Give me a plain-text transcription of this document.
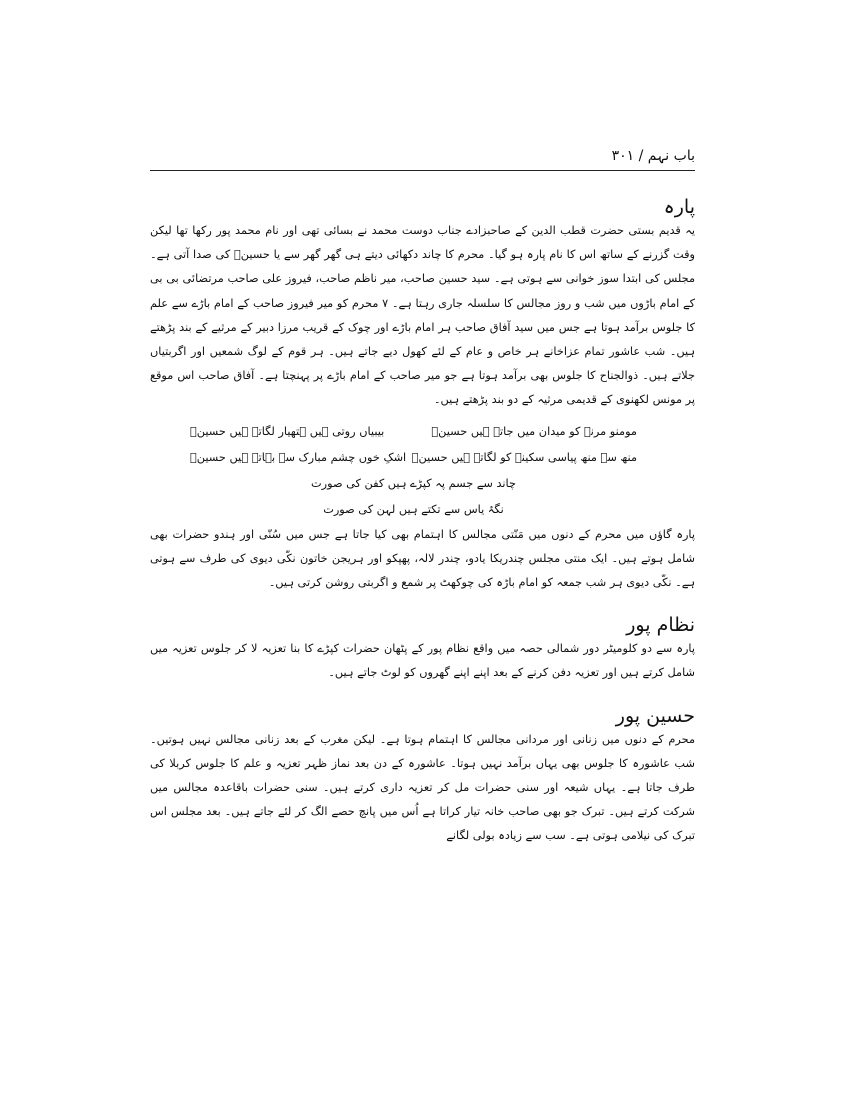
باب نہم / ۳۰۱
پارہ

یہ قدیم بستی حضرت قطب الدین کے صاحبزادے جناب دوست محمد نے بسائی تھی اور نام محمد پور رکھا تھا لیکن وقت گزرنے کے ساتھ اس کا نام پارہ ہو گیا۔ محرم کا چاند دکھائی دیتے ہی گھر گھر سے یا حسینؑ کی صدا آتی ہے۔ مجلس کی ابتدا سوز خوانی سے ہوتی ہے۔ سید حسین صاحب، میر ناظم صاحب، فیروز علی صاحب مرتضائی بی بی کے امام باڑوں میں شب و روز مجالس کا سلسلہ جاری رہتا ہے۔ ۷ محرم کو میر فیروز صاحب کے امام باڑے سے علم کا جلوس برآمد ہوتا ہے جس میں سید آفاق صاحب ہر امام باڑے اور چوک کے قریب مرزا دبیر کے مرثیے کے بند پڑھتے ہیں۔ شب عاشور تمام عزاخانے ہر خاص و عام کے لئے کھول دیے جاتے ہیں۔ ہر قوم کے لوگ شمعیں اور اگربتیاں جلاتے ہیں۔ ذوالجناح کا جلوس بھی برآمد ہوتا ہے جو میر صاحب کے امام باڑے پر پہنچتا ہے۔ آفاق صاحب اس موقع پر مونس لکھنوی کے قدیمی مرثیہ کے دو بند پڑھتے ہیں۔

مومنو مرنے کو میدان میں جاتے ہیں حسینؑ
بیبیاں روتی ہیں ہتھیار لگاتے ہیں حسینؑ
منھ سے منھ پیاسی سکینہ کو لگاتے ہیں حسینؑ
اشکِ خوں چشم مبارک سے بہاتے ہیں حسینؑ

چاند سے جسم پہ کپڑے ہیں کفن کی صورت

نگۂ یاس سے تکتے ہیں لہن کی صورت

پارہ گاؤں میں محرم کے دنوں میں مَنّتی مجالس کا اہتمام بھی کیا جاتا ہے جس میں سُنّی اور ہندو حضرات بھی شامل ہوتے ہیں۔ ایک منتی مجلس چندریکا یادو، چندر لالہ، پھپکو اور ہریجن خاتون نکّی دیوی کی طرف سے ہوتی ہے۔ نکّی دیوی ہر شب جمعہ کو امام باڑہ کی چوکھٹ پر شمع و اگربتی روشن کرتی ہیں۔

نظام پور

پارہ سے دو کلومیٹر دور شمالی حصہ میں واقع نظام پور کے پٹھان حضرات کپڑے کا بنا تعزیہ لا کر جلوس تعزیہ میں شامل کرتے ہیں اور تعزیہ دفن کرنے کے بعد اپنے اپنے گھروں کو لوٹ جاتے ہیں۔

حسین پور

محرم کے دنوں میں زنانی اور مردانی مجالس کا اہتمام ہوتا ہے۔ لیکن مغرب کے بعد زنانی مجالس نہیں ہوتیں۔ شب عاشورہ کا جلوس بھی یہاں برآمد نہیں ہوتا۔ عاشورہ کے دن بعد نماز ظہر تعزیہ و علم کا جلوس کربلا کی طرف جاتا ہے۔ یہاں شیعہ اور سنی حضرات مل کر تعزیہ داری کرتے ہیں۔ سنی حضرات باقاعدہ مجالس میں شرکت کرتے ہیں۔ تبرک جو بھی صاحب خانہ تیار کراتا ہے اُس میں پانچ حصے الگ کر لئے جاتے ہیں۔ بعد مجلس اس تبرک کی نیلامی ہوتی ہے۔ سب سے زیادہ بولی لگانے
